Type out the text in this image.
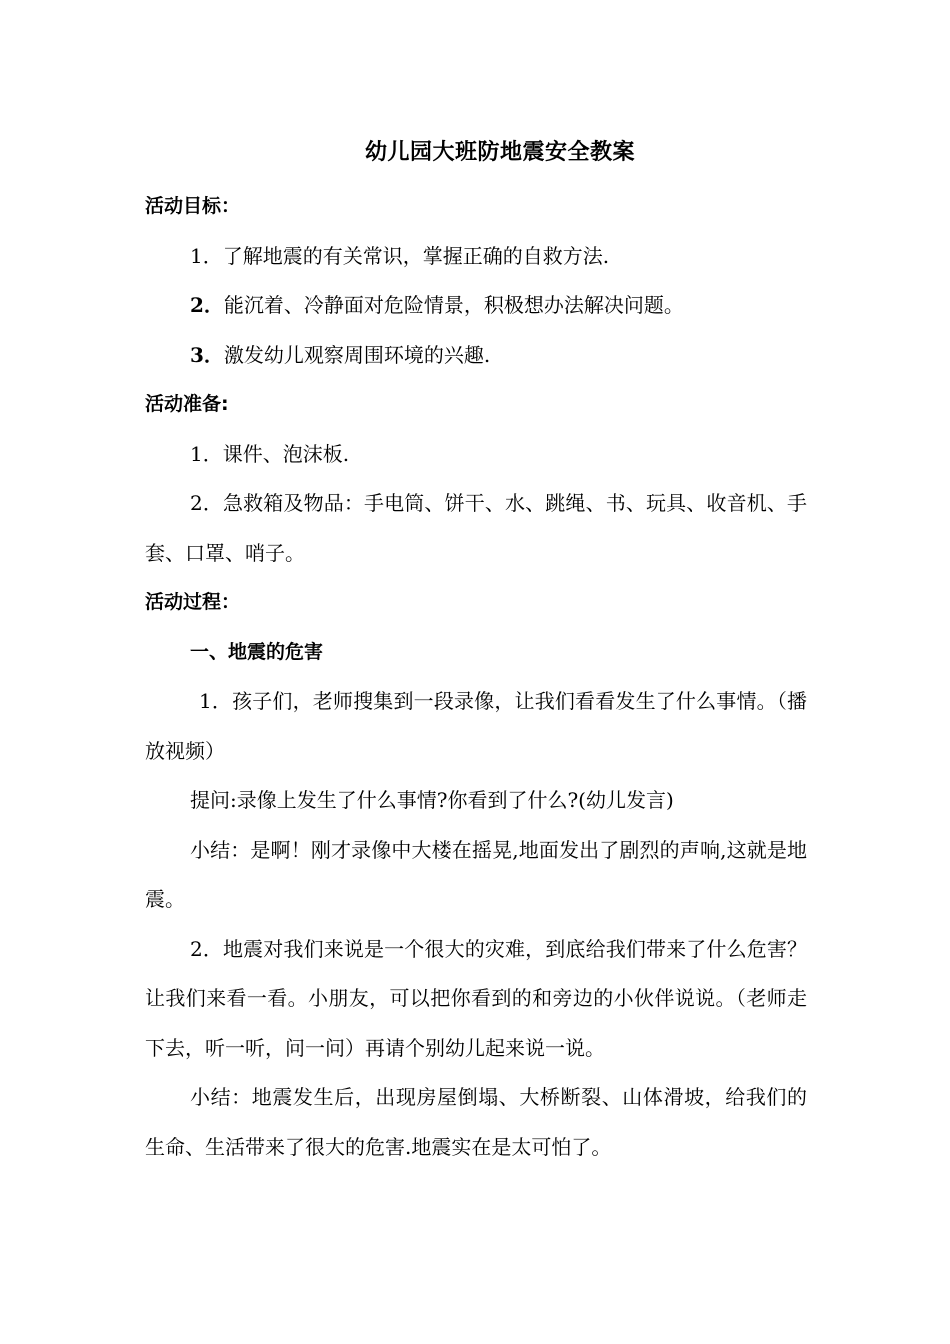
幼儿园大班防地震安全教案

活动目标：

1．了解地震的有关常识，掌握正确的自救方法.

2．能沉着、冷静面对危险情景，积极想办法解决问题。

3．激发幼儿观察周围环境的兴趣.

活动准备:

1．课件、泡沫板.

2．急救箱及物品：手电筒、饼干、水、跳绳、书、玩具、收音机、手套、口罩、哨子。

活动过程：

一、地震的危害

1．孩子们，老师搜集到一段录像，让我们看看发生了什么事情。（播放视频）

提问:录像上发生了什么事情?你看到了什么?(幼儿发言)

小结：是啊！刚才录像中大楼在摇晃,地面发出了剧烈的声响,这就是地震。

2．地震对我们来说是一个很大的灾难，到底给我们带来了什么危害？让我们来看一看。小朋友，可以把你看到的和旁边的小伙伴说说。（老师走下去，听一听，问一问）再请个别幼儿起来说一说。

小结：地震发生后，出现房屋倒塌、大桥断裂、山体滑坡，给我们的生命、生活带来了很大的危害.地震实在是太可怕了。
